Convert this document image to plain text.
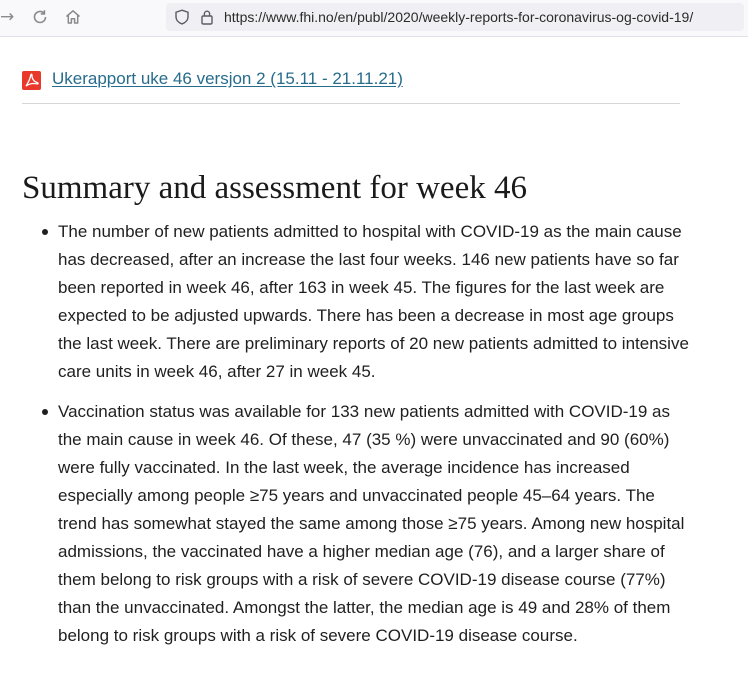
→	https://www.fhi.no/en/publ/2020/weekly-reports-for-coronavirus-og-covid-19/
Ukerapport uke 46 versjon 2 (15.11 - 21.11.21)
Summary and assessment for week 46

The number of new patients admitted to hospital with COVID-19 as the main cause has decreased, after an increase the last four weeks. 146 new patients have so far been reported in week 46, after 163 in week 45. The figures for the last week are expected to be adjusted upwards. There has been a decrease in most age groups the last week. There are preliminary reports of 20 new patients admitted to intensive care units in week 46, after 27 in week 45.

Vaccination status was available for 133 new patients admitted with COVID-19 as the main cause in week 46. Of these, 47 (35 %) were unvaccinated and 90 (60%) were fully vaccinated. In the last week, the average incidence has increased especially among people ≥75 years and unvaccinated people 45–64 years. The trend has somewhat stayed the same among those ≥75 years. Among new hospital admissions, the vaccinated have a higher median age (76), and a larger share of them belong to risk groups with a risk of severe COVID-19 disease course (77%) than the unvaccinated. Amongst the latter, the median age is 49 and 28% of them belong to risk groups with a risk of severe COVID-19 disease course.
